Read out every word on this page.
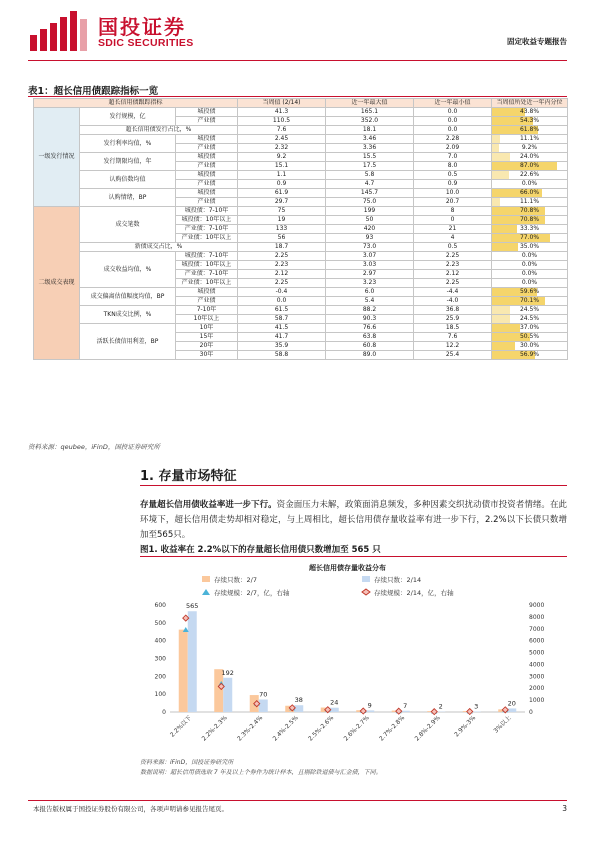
国投证券
SDIC SECURITIES	固定收益专题报告
表1：超长信用债跟踪指标一览
超长信用债跟踪指标			当周值 (2/14)	近一年最大值	近一年最小值	当周值所处近一年内分位
一级发行情况	发行规模，亿	城投债	41.3	165.1	0.0	43.8%

		产业债	110.5	352.0	0.0	54.3%

	超长信用债发行占比，%		7.6	18.1	0.0	61.8%

	发行利率均值，%	城投债	2.45	3.46	2.28	11.1%

		产业债	2.32	3.36	2.09	9.2%

	发行期限均值，年	城投债	9.2	15.5	7.0	24.0%

		产业债	15.1	17.5	8.0	87.0%

	认购倍数均值	城投债	1.1	5.8	0.5	22.6%

		产业债	0.9	4.7	0.9	0.0%

	认购情绪，BP	城投债	61.9	145.7	10.0	66.0%

		产业债	29.7	75.0	20.7	11.1%

二级成交表现	成交笔数	城投债：7-10年	75	199	8	70.8%

		城投债：10年以上	19	50	0	70.8%

		产业债：7-10年	133	420	21	33.3%

		产业债：10年以上	56	93	4	77.0%

	新债成交占比，%		18.7	73.0	0.5	35.0%

	成交收益均值，%	城投债：7-10年	2.25	3.07	2.25	0.0%

		城投债：10年以上	2.23	3.03	2.23	0.0%

		产业债：7-10年	2.12	2.97	2.12	0.0%

		产业债：10年以上	2.25	3.23	2.25	0.0%

	成交偏离估值幅度均值，BP	城投债	-0.4	6.0	-4.4	59.6%

		产业债	0.0	5.4	-4.0	70.1%

	TKN成交比例，%	7-10年	61.5	88.2	36.8	24.5%

		10年以上	58.7	90.3	25.9	24.5%

	活跃长债信用利差，BP	10年	41.5	76.6	18.5	37.0%

		15年	41.7	63.8	7.6	50.5%

		20年	35.9	60.8	12.2	30.0%

		30年	58.8	89.0	25.4	56.9%
资料来源：qeubee，iFinD，国投证券研究所
1. 存量市场特征
存量超长信用债收益率进一步下行。资金面压力未解，政策面消息频发，多种因素交织扰动债市投资者情绪。在此环境下，超长信用债走势却相对稳定，与上周相比，超长信用债存量收益率有进一步下行，2.2%以下长债只数增加至565只。
图1. 收益率在 2.2%以下的存量超长信用债只数增加至 565 只
超长信用债存量收益分布
存续只数：2/7	存续只数：2/14
存续规模：2/7，亿，右轴	存续规模：2/14，亿，右轴
0
100
200
300
400
500
600
0
1000
2000
3000
4000
5000
6000
7000
8000
9000
565
2.2%以下
192
2.2%-2.3%
70
2.3%-2.4%
38
2.4%-2.5%
24
2.5%-2.6%
9
2.6%-2.7%
7
2.7%-2.8%
2
2.8%-2.9%
3
2.9%-3%
20
3%以上
资料来源：iFinD，国投证券研究所
数据说明：超长信用债选取 7 年及以上个券作为统计样本，且剔除铁道债与汇金债，下同。
本报告版权属于国投证券股份有限公司，各项声明请参见报告尾页。	3
